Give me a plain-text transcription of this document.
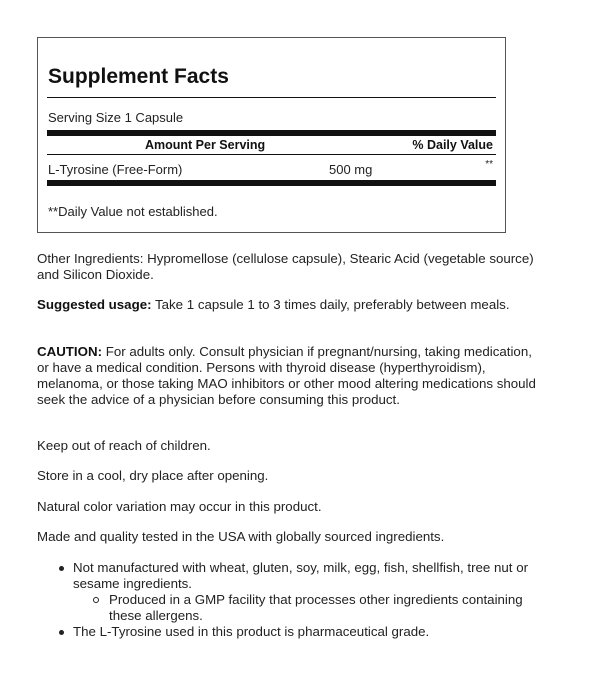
Supplement Facts
Serving Size 1 Capsule
Amount Per Serving	% Daily Value
L-Tyrosine (Free-Form)	500 mg	**
**Daily Value not established.

Other Ingredients: Hypromellose (cellulose capsule), Stearic Acid (vegetable source) and Silicon Dioxide.

Suggested usage: Take 1 capsule 1 to 3 times daily, preferably between meals.

CAUTION: For adults only. Consult physician if pregnant/nursing, taking medication, or have a medical condition. Persons with thyroid disease (hyperthyroidism), melanoma, or those taking MAO inhibitors or other mood altering medications should seek the advice of a physician before consuming this product.

Keep out of reach of children.

Store in a cool, dry place after opening.

Natural color variation may occur in this product.

Made and quality tested in the USA with globally sourced ingredients.

Not manufactured with wheat, gluten, soy, milk, egg, fish, shellfish, tree nut or sesame ingredients.
Produced in a GMP facility that processes other ingredients containing these allergens.
The L-Tyrosine used in this product is pharmaceutical grade.
